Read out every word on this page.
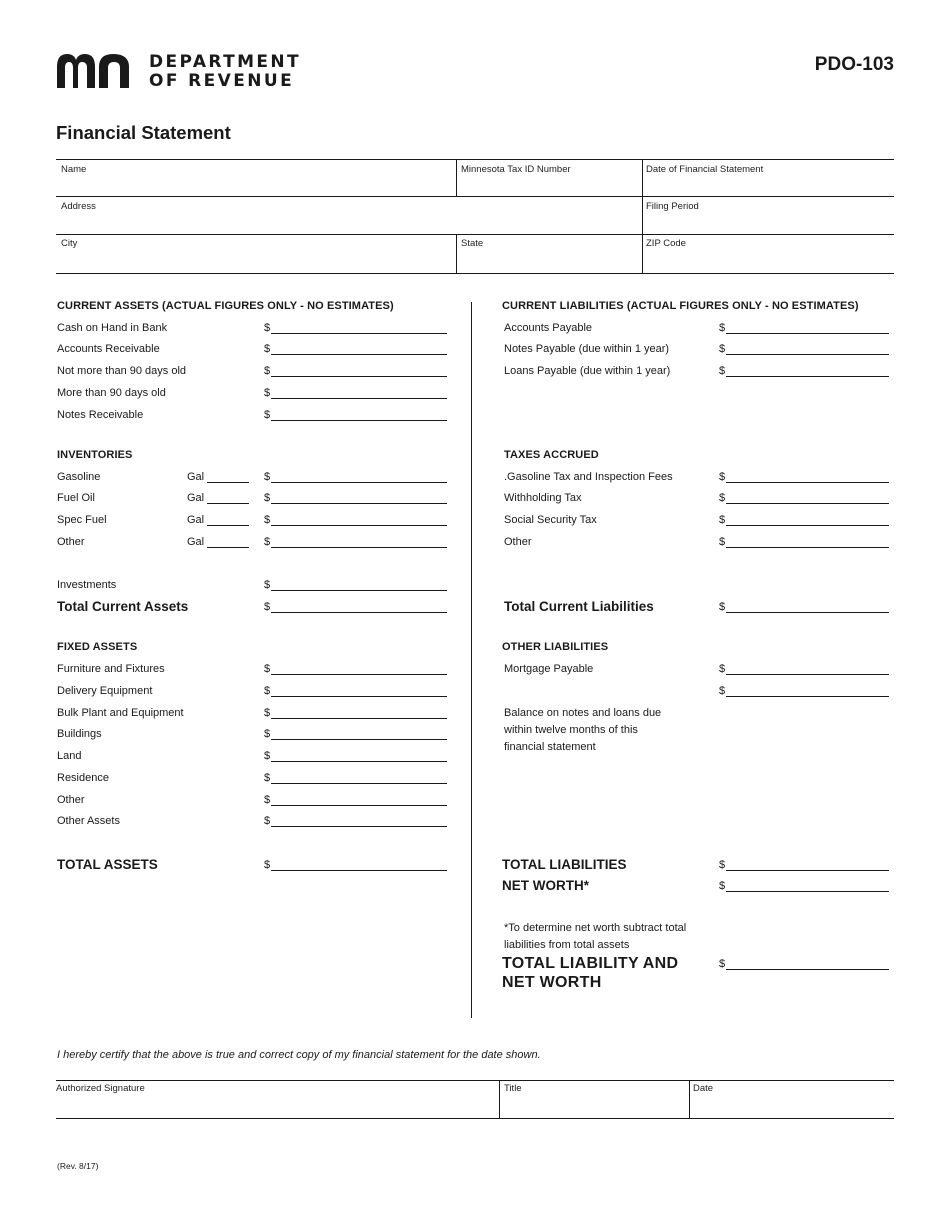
DEPARTMENT
OF REVENUE
PDO-103
Financial Statement
Name	Minnesota Tax ID Number	Date of Financial Statement
Address	Filing Period
City	State	ZIP Code
CURRENT ASSETS (ACTUAL FIGURES ONLY - NO ESTIMATES)
Cash on Hand in Bank	$
Accounts Receivable	$
Not more than 90 days old	$
More than 90 days old	$
Notes Receivable	$
INVENTORIES
Gasoline	Gal	$
Fuel Oil	Gal	$
Spec Fuel	Gal	$
Other	Gal	$
Investments	$
Total Current Assets	$
FIXED ASSETS
Furniture and Fixtures	$
Delivery Equipment	$
Bulk Plant and Equipment	$
Buildings	$
Land	$
Residence	$
Other	$
Other Assets	$
TOTAL ASSETS	$
CURRENT LIABILITIES (ACTUAL FIGURES ONLY - NO ESTIMATES)
Accounts Payable	$
Notes Payable (due within 1 year)	$
Loans Payable (due within 1 year)	$
TAXES ACCRUED
.Gasoline Tax and Inspection Fees	$
Withholding Tax	$
Social Security Tax	$
Other	$
Total Current Liabilities	$
OTHER LIABILITIES
Mortgage Payable	$
$
Balance on notes and loans due
within twelve months of this
financial statement
TOTAL LIABILITIES	$
NET WORTH*	$
*To determine net worth subtract total
liabilities from total assets
TOTAL LIABILITY AND
NET WORTH
$
I hereby certify that the above is true and correct copy of my financial statement for the date shown.
Authorized Signature	Title	Date
(Rev. 8/17)
